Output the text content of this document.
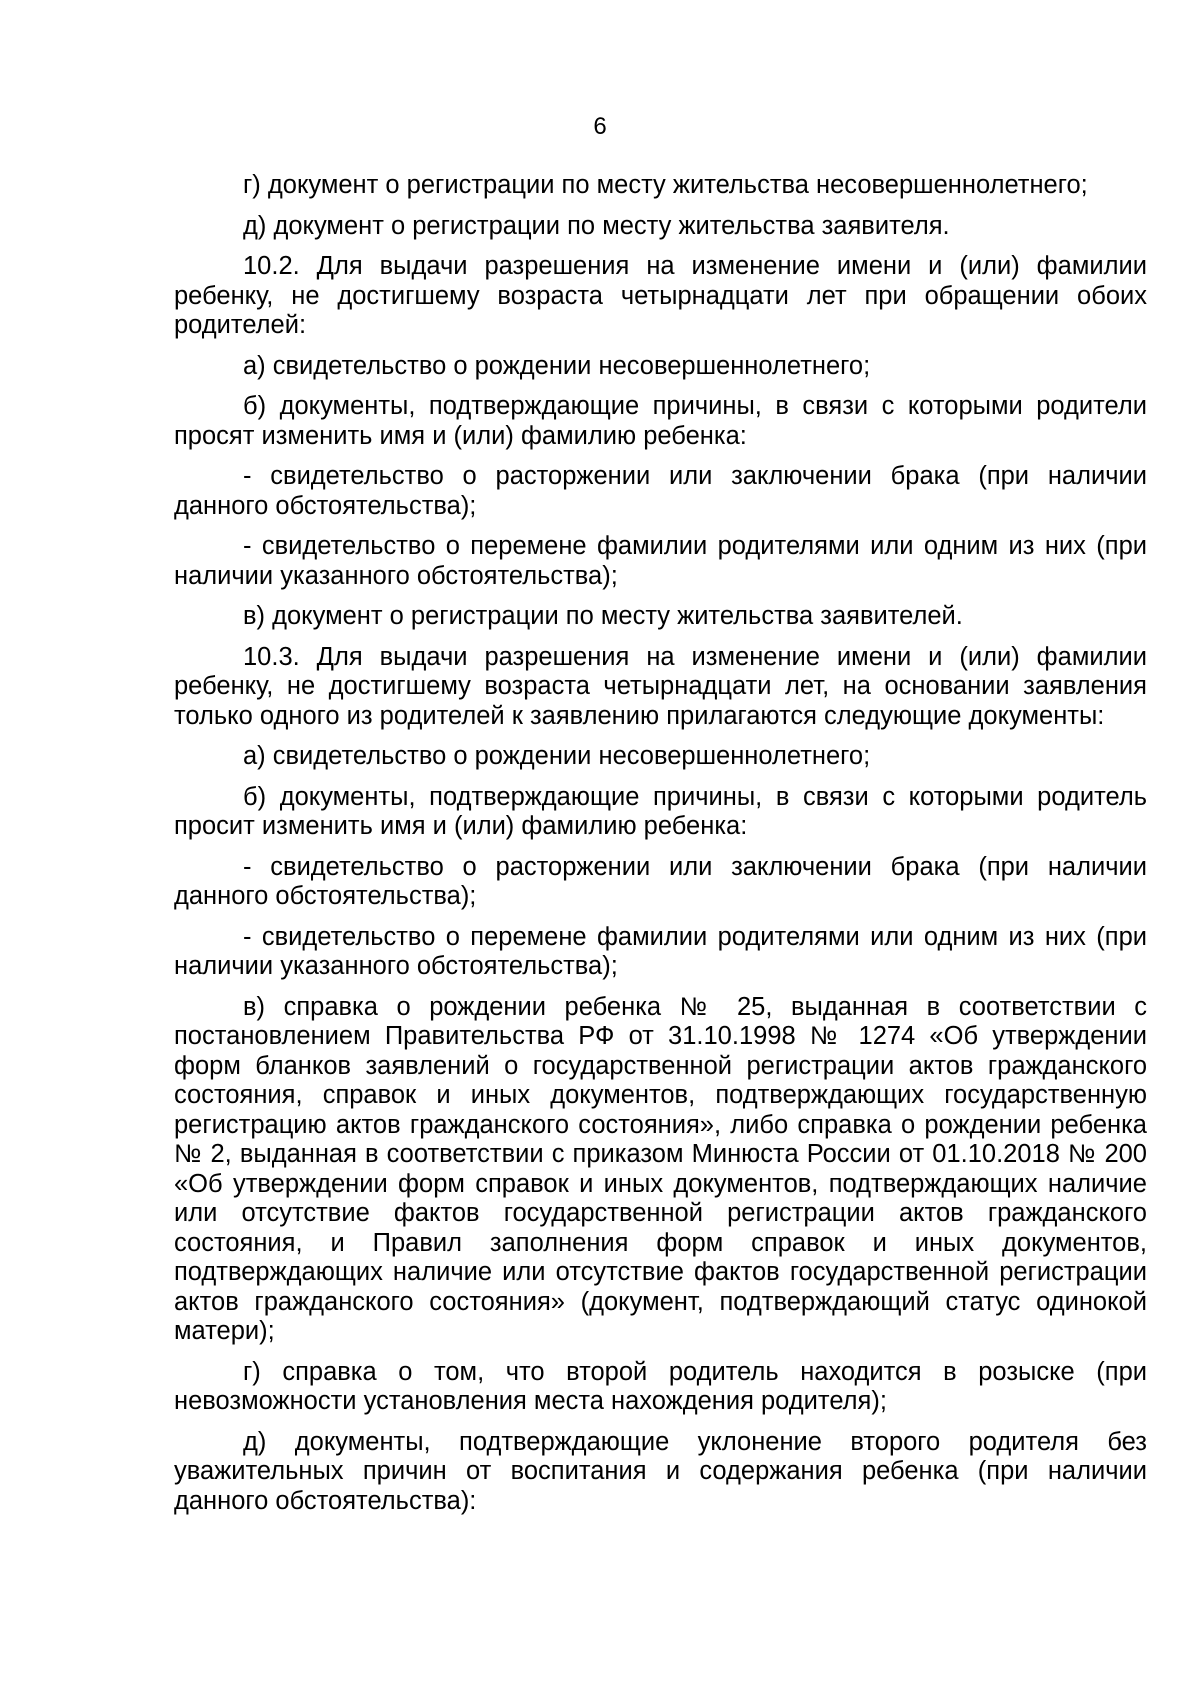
6

г) документ о регистрации по месту жительства несовершеннолетнего;

д) документ о регистрации по месту жительства заявителя.

10.2. Для выдачи разрешения на изменение имени и (или) фамилии ребенку, не достигшему возраста четырнадцати лет при обращении обоих родителей:

а) свидетельство о рождении несовершеннолетнего;

б) документы, подтверждающие причины, в связи с которыми родители просят изменить имя и (или) фамилию ребенка:

- свидетельство о расторжении или заключении брака (при наличии данного обстоятельства);

- свидетельство о перемене фамилии родителями или одним из них (при наличии указанного обстоятельства);

в) документ о регистрации по месту жительства заявителей.

10.3. Для выдачи разрешения на изменение имени и (или) фамилии ребенку, не достигшему возраста четырнадцати лет, на основании заявления только одного из родителей к заявлению прилагаются следующие документы:

а) свидетельство о рождении несовершеннолетнего;

б) документы, подтверждающие причины, в связи с которыми родитель просит изменить имя и (или) фамилию ребенка:

- свидетельство о расторжении или заключении брака (при наличии данного обстоятельства);

- свидетельство о перемене фамилии родителями или одним из них (при наличии указанного обстоятельства);

в) справка о рождении ребенка № 25, выданная в соответствии с постановлением Правительства РФ от 31.10.1998 № 1274 «Об утверждении форм бланков заявлений о государственной регистрации актов гражданского состояния, справок и иных документов, подтверждающих государственную регистрацию актов гражданского состояния», либо справка о рождении ребенка № 2, выданная в соответствии с приказом Минюста России от 01.10.2018 № 200 «Об утверждении форм справок и иных документов, подтверждающих наличие или отсутствие фактов государственной регистрации актов гражданского состояния, и Правил заполнения форм справок и иных документов, подтверждающих наличие или отсутствие фактов государственной регистрации актов гражданского состояния» (документ, подтверждающий статус одинокой матери);

г) справка о том, что второй родитель находится в розыске (при невозможности установления места нахождения родителя);

д) документы, подтверждающие уклонение второго родителя без уважительных причин от воспитания и содержания ребенка (при наличии данного обстоятельства):
